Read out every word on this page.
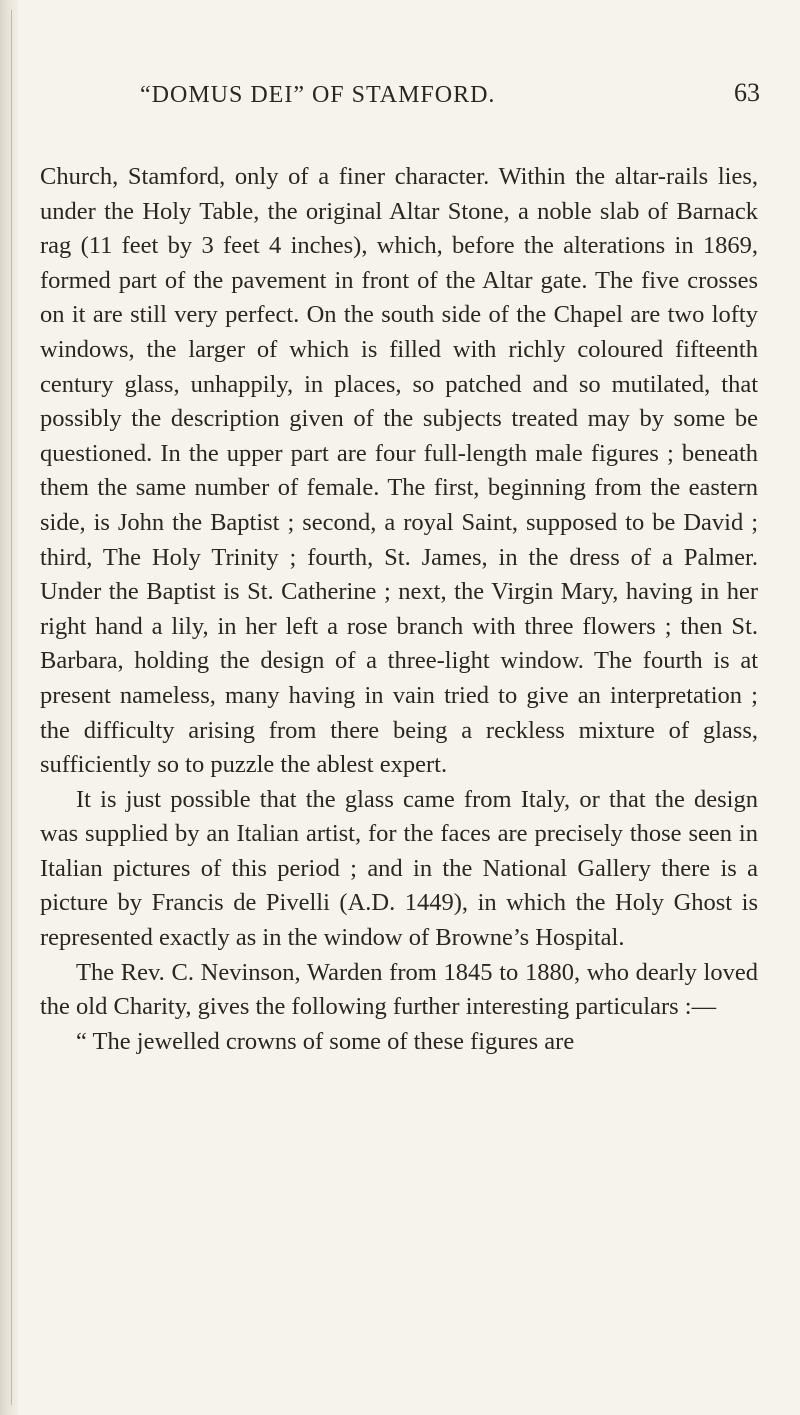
“DOMUS DEI” OF STAMFORD.	63

Church, Stamford, only of a finer character. Within the altar-rails lies, under the Holy Table, the original Altar Stone, a noble slab of Barnack rag (11 feet by 3 feet 4 inches), which, before the alterations in 1869, formed part of the pavement in front of the Altar gate. The five crosses on it are still very perfect. On the south side of the Chapel are two lofty windows, the larger of which is filled with richly coloured fifteenth century glass, unhappily, in places, so patched and so mutilated, that possibly the description given of the subjects treated may by some be questioned. In the upper part are four full-length male figures ; beneath them the same number of female. The first, beginning from the eastern side, is John the Baptist ; second, a royal Saint, supposed to be David ; third, The Holy Trinity ; fourth, St. James, in the dress of a Palmer. Under the Baptist is St. Catherine ; next, the Virgin Mary, having in her right hand a lily, in her left a rose branch with three flowers ; then St. Barbara, holding the design of a three-light window. The fourth is at present nameless, many having in vain tried to give an interpretation ; the difficulty arising from there being a reckless mixture of glass, sufficiently so to puzzle the ablest expert.

It is just possible that the glass came from Italy, or that the design was supplied by an Italian artist, for the faces are precisely those seen in Italian pictures of this period ; and in the National Gallery there is a picture by Francis de Pivelli (A.D. 1449), in which the Holy Ghost is represented exactly as in the window of Browne’s Hospital.

The Rev. C. Nevinson, Warden from 1845 to 1880, who dearly loved the old Charity, gives the following further interesting particulars :—

“ The jewelled crowns of some of these figures are
